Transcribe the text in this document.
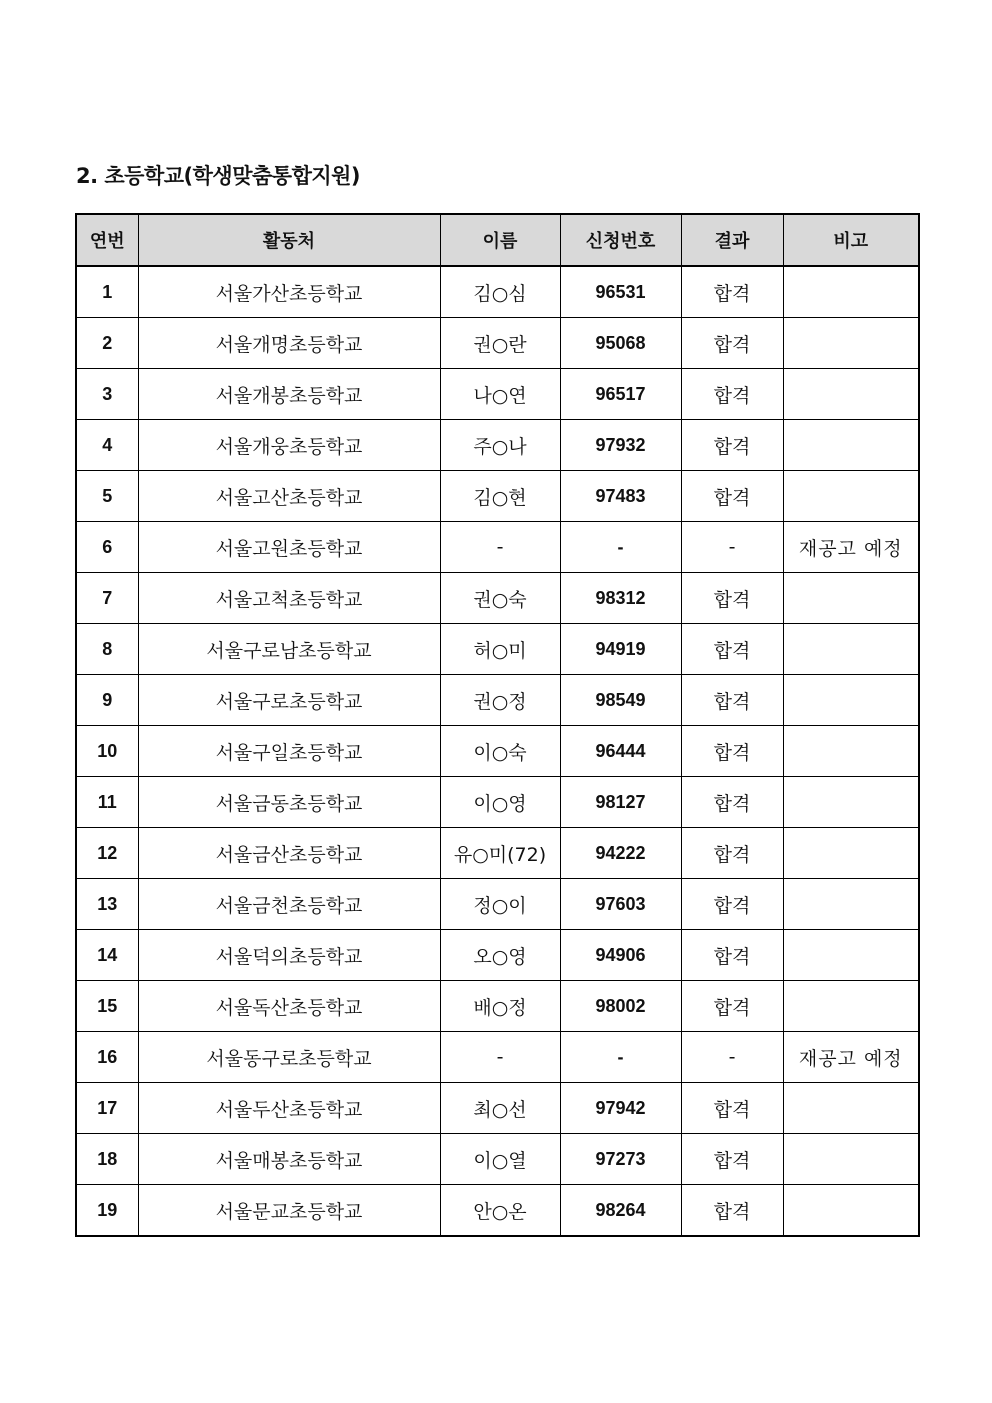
2. 초등학교(학생맞춤통합지원)
연번	활동처	이름	신청번호	결과	비고
1	서울가산초등학교	김○심	96531	합격	
2	서울개명초등학교	권○란	95068	합격	
3	서울개봉초등학교	나○연	96517	합격	
4	서울개웅초등학교	주○나	97932	합격	
5	서울고산초등학교	김○현	97483	합격	
6	서울고원초등학교	-	-	-	재공고 예정
7	서울고척초등학교	권○숙	98312	합격	
8	서울구로남초등학교	허○미	94919	합격	
9	서울구로초등학교	권○정	98549	합격	
10	서울구일초등학교	이○숙	96444	합격	
11	서울금동초등학교	이○영	98127	합격	
12	서울금산초등학교	유○미(72)	94222	합격	
13	서울금천초등학교	정○이	97603	합격	
14	서울덕의초등학교	오○영	94906	합격	
15	서울독산초등학교	배○정	98002	합격	
16	서울동구로초등학교	-	-	-	재공고 예정
17	서울두산초등학교	최○선	97942	합격	
18	서울매봉초등학교	이○열	97273	합격	
19	서울문교초등학교	안○온	98264	합격	
